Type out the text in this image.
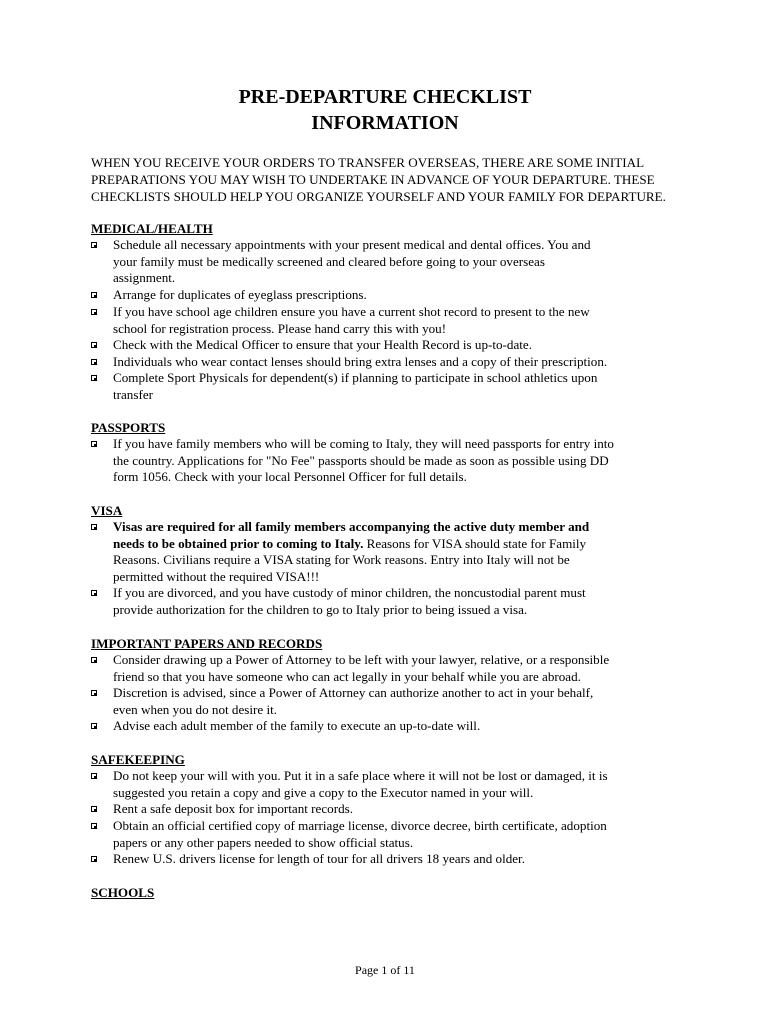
PRE-DEPARTURE CHECKLIST
INFORMATION
WHEN YOU RECEIVE YOUR ORDERS TO TRANSFER OVERSEAS, THERE ARE SOME INITIAL
PREPARATIONS YOU MAY WISH TO UNDERTAKE IN ADVANCE OF YOUR DEPARTURE. THESE
CHECKLISTS SHOULD HELP YOU ORGANIZE YOURSELF AND YOUR FAMILY FOR DEPARTURE.
MEDICAL/HEALTH
Schedule all necessary appointments with your present medical and dental offices. You and
your family must be medically screened and cleared before going to your overseas
assignment.
Arrange for duplicates of eyeglass prescriptions.
If you have school age children ensure you have a current shot record to present to the new
school for registration process. Please hand carry this with you!
Check with the Medical Officer to ensure that your Health Record is up-to-date.
Individuals who wear contact lenses should bring extra lenses and a copy of their prescription.
Complete Sport Physicals for dependent(s) if planning to participate in school athletics upon
transfer
PASSPORTS
If you have family members who will be coming to Italy, they will need passports for entry into
the country. Applications for "No Fee" passports should be made as soon as possible using DD
form 1056. Check with your local Personnel Officer for full details.
VISA
Visas are required for all family members accompanying the active duty member and
needs to be obtained prior to coming to Italy. Reasons for VISA should state for Family
Reasons. Civilians require a VISA stating for Work reasons. Entry into Italy will not be
permitted without the required VISA!!!
If you are divorced, and you have custody of minor children, the noncustodial parent must
provide authorization for the children to go to Italy prior to being issued a visa.
IMPORTANT PAPERS AND RECORDS
Consider drawing up a Power of Attorney to be left with your lawyer, relative, or a responsible
friend so that you have someone who can act legally in your behalf while you are abroad.
Discretion is advised, since a Power of Attorney can authorize another to act in your behalf,
even when you do not desire it.
Advise each adult member of the family to execute an up-to-date will.
SAFEKEEPING
Do not keep your will with you. Put it in a safe place where it will not be lost or damaged, it is
suggested you retain a copy and give a copy to the Executor named in your will.
Rent a safe deposit box for important records.
Obtain an official certified copy of marriage license, divorce decree, birth certificate, adoption
papers or any other papers needed to show official status.
Renew U.S. drivers license for length of tour for all drivers 18 years and older.
SCHOOLS
Page 1 of 11
